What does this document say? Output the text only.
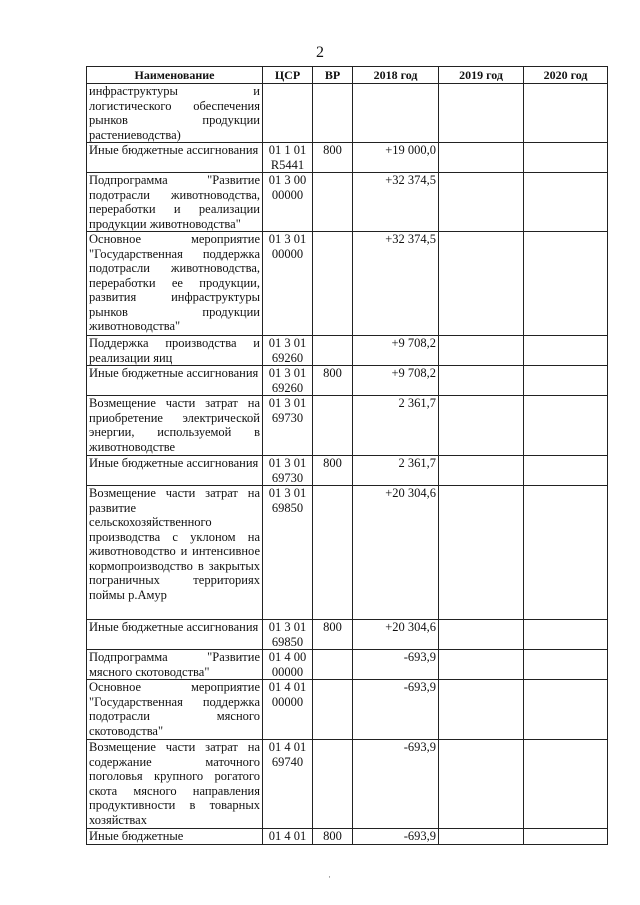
2
Наименование	ЦСР	ВР	2018 год	2019 год	2020 год
инфраструктуры и логистического обеспечения рынков продукции растениеводства)					
Иные бюджетные ассигнования	01 1 01 R5441	800	+19 000,0		
Подпрограмма "Развитие подотрасли животноводства, переработки и реализации продукции животноводства"	01 3 00 00000		+32 374,5		
Основное мероприятие "Государственная поддержка подотрасли животноводства, переработки ее продукции, развития инфраструктуры рынков продукции животноводства"	01 3 01 00000		+32 374,5		
Поддержка производства и реализации яиц	01 3 01 69260		+9 708,2		
Иные бюджетные ассигнования	01 3 01 69260	800	+9 708,2		
Возмещение части затрат на приобретение электрической энергии, используемой в животноводстве	01 3 01 69730		2 361,7		
Иные бюджетные ассигнования	01 3 01 69730	800	2 361,7		
Возмещение части затрат на развитие сельскохозяйственного производства с уклоном на животноводство и интенсивное кормопроизводство в закрытых пограничных территориях поймы р.Амур	01 3 01 69850		+20 304,6		
Иные бюджетные ассигнования	01 3 01 69850	800	+20 304,6		
Подпрограмма "Развитие мясного скотоводства"	01 4 00 00000		-693,9		
Основное мероприятие "Государственная поддержка подотрасли мясного скотоводства"	01 4 01 00000		-693,9		
Возмещение части затрат на содержание маточного поголовья крупного рогатого скота мясного направления продуктивности в товарных хозяйствах	01 4 01 69740		-693,9		
Иные бюджетные	01 4 01	800	-693,9		
·
